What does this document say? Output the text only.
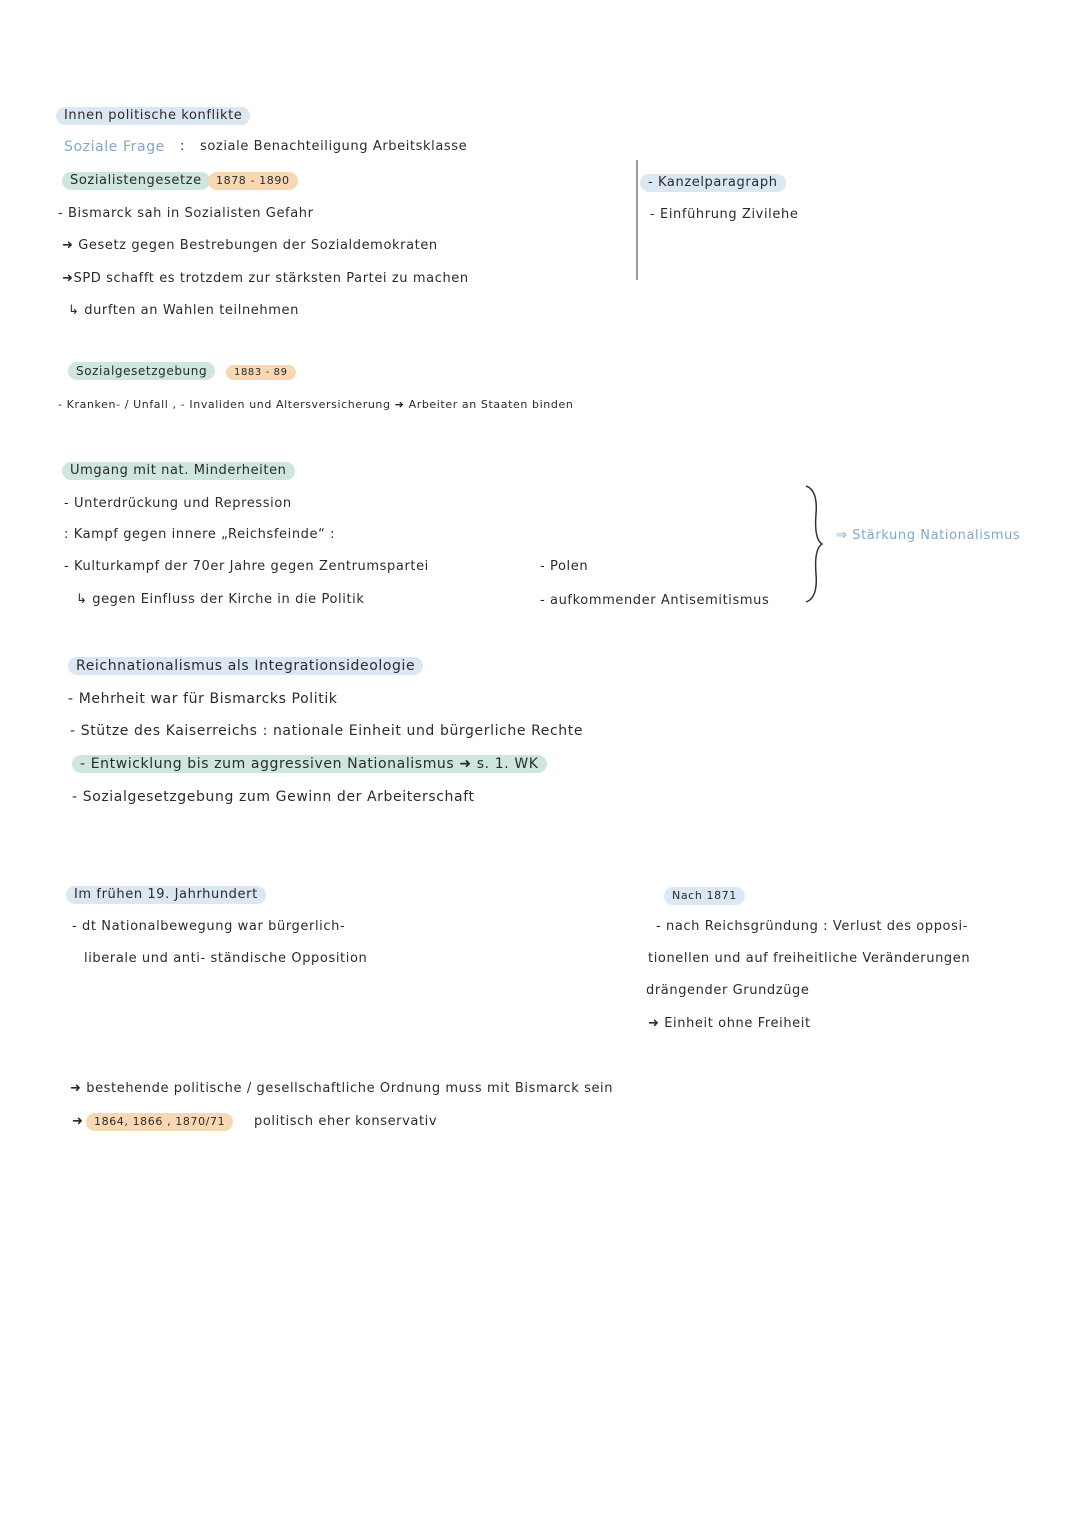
Innen politische konflikte
Soziale Frage : soziale Benachteiligung Arbeitsklasse
Sozialistengesetze	1878 - 1890
- Bismarck sah in Sozialisten Gefahr
➜ Gesetz gegen Bestrebungen der Sozialdemokraten
➜SPD schafft es trotzdem zur stärksten Partei zu machen
↳ durften an Wahlen teilnehmen
- Kanzelparagraph
- Einführung Zivilehe
Sozialgesetzgebung	1883 - 89
- Kranken- / Unfall , - Invaliden und Altersversicherung ➜ Arbeiter an Staaten binden
Umgang mit nat. Minderheiten
- Unterdrückung und Repression
: Kampf gegen innere „Reichsfeinde“ :
- Kulturkampf der 70er Jahre gegen Zentrumspartei
↳ gegen Einfluss der Kirche in die Politik
- Polen
- aufkommender Antisemitismus
⇒ Stärkung Nationalismus
Reichnationalismus als Integrationsideologie
- Mehrheit war für Bismarcks Politik
- Stütze des Kaiserreichs : nationale Einheit und bürgerliche Rechte
- Entwicklung bis zum aggressiven Nationalismus ➜ s. 1. WK
- Sozialgesetzgebung zum Gewinn der Arbeiterschaft
Im frühen 19. Jahrhundert
- dt Nationalbewegung war bürgerlich-
liberale und anti- ständische Opposition
Nach 1871
- nach Reichsgründung : Verlust des opposi-
tionellen und auf freiheitliche Veränderungen
drängender Grundzüge
➜ Einheit ohne Freiheit
➜ bestehende politische / gesellschaftliche Ordnung muss mit Bismarck sein
➜ 1864, 1866 , 1870/71	politisch eher konservativ
